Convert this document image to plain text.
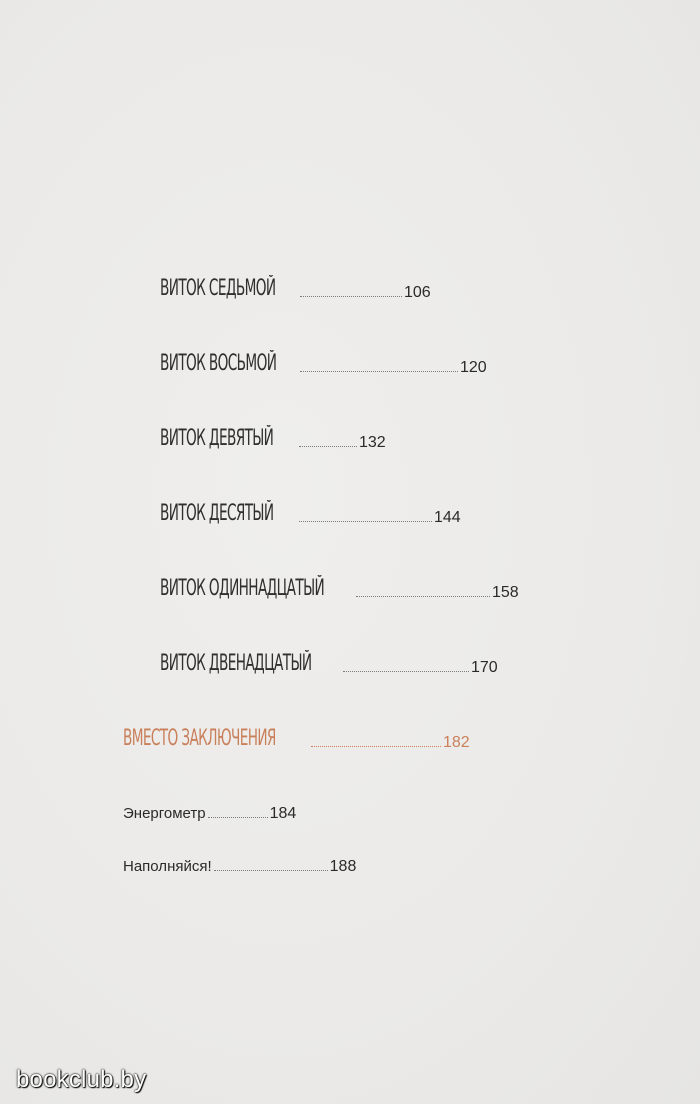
ВИТОК СЕДЬМОЙ	106
ВИТОК ВОСЬМОЙ	120
ВИТОК ДЕВЯТЫЙ	132
ВИТОК ДЕСЯТЫЙ	144
ВИТОК ОДИННАДЦАТЫЙ	158
ВИТОК ДВЕНАДЦАТЫЙ	170
ВМЕСТО ЗАКЛЮЧЕНИЯ	182
Энергометр	184
Наполняйся!	188
bookclub.by
